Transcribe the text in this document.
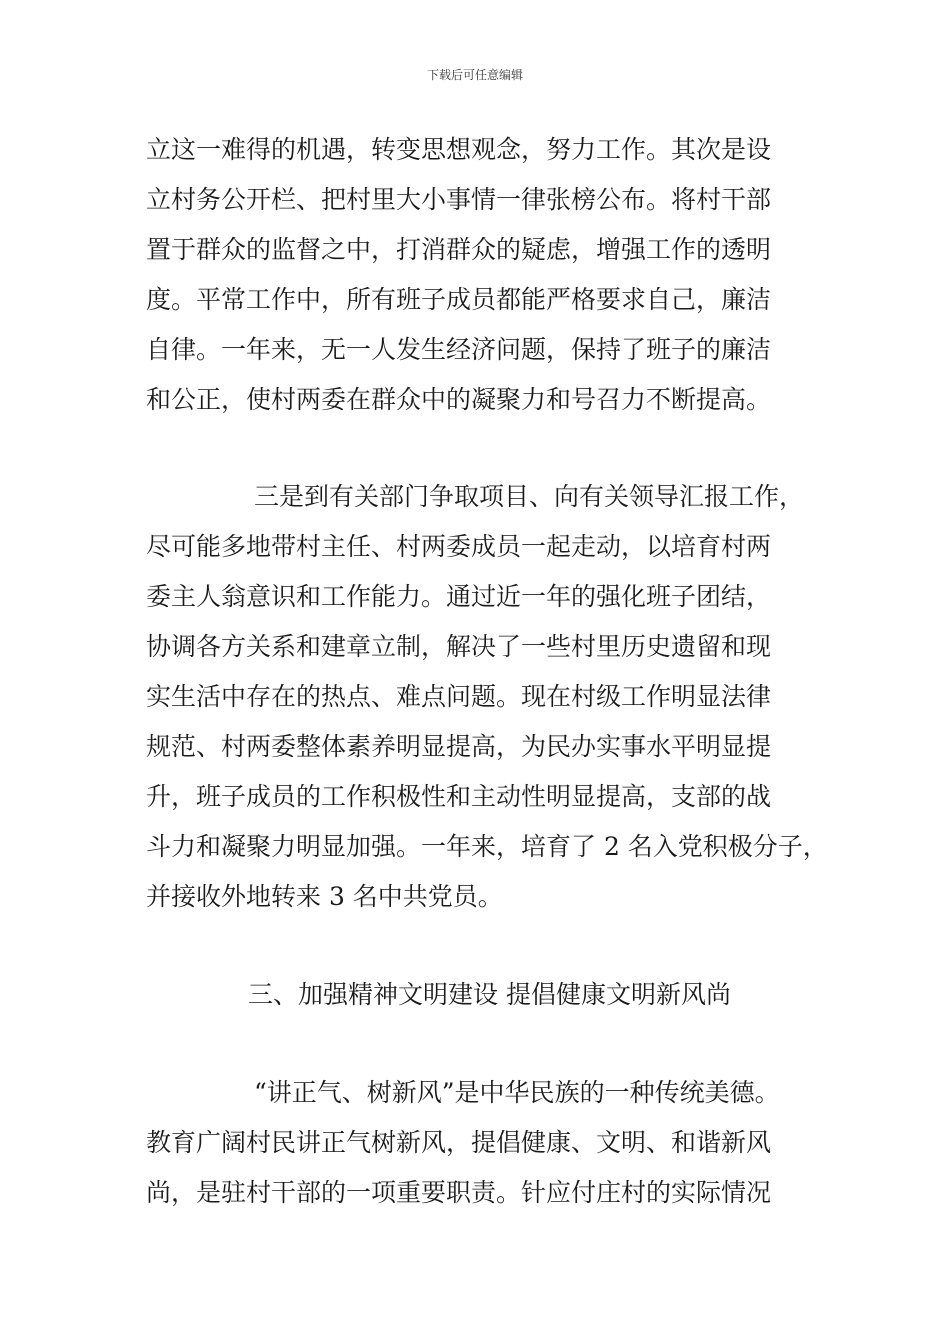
下载后可任意编辑
立这一难得的机遇，转变思想观念，努力工作。其次是设
立村务公开栏、把村里大小事情一律张榜公布。将村干部
置于群众的监督之中，打消群众的疑虑，增强工作的透明
度。平常工作中，所有班子成员都能严格要求自己，廉洁
自律。一年来，无一人发生经济问题，保持了班子的廉洁
和公正，使村两委在群众中的凝聚力和号召力不断提高。
三是到有关部门争取项目、向有关领导汇报工作，
尽可能多地带村主任、村两委成员一起走动，以培育村两
委主人翁意识和工作能力。通过近一年的强化班子团结，
协调各方关系和建章立制，解决了一些村里历史遗留和现
实生活中存在的热点、难点问题。现在村级工作明显法律
规范、村两委整体素养明显提高，为民办实事水平明显提
升，班子成员的工作积极性和主动性明显提高，支部的战
斗力和凝聚力明显加强。一年来，培育了 2 名入党积极分子，
并接收外地转来 3 名中共党员。
三、加强精神文明建设 提倡健康文明新风尚
“讲正气、树新风”是中华民族的一种传统美德。
教育广阔村民讲正气树新风，提倡健康、文明、和谐新风
尚，是驻村干部的一项重要职责。针应付庄村的实际情况
